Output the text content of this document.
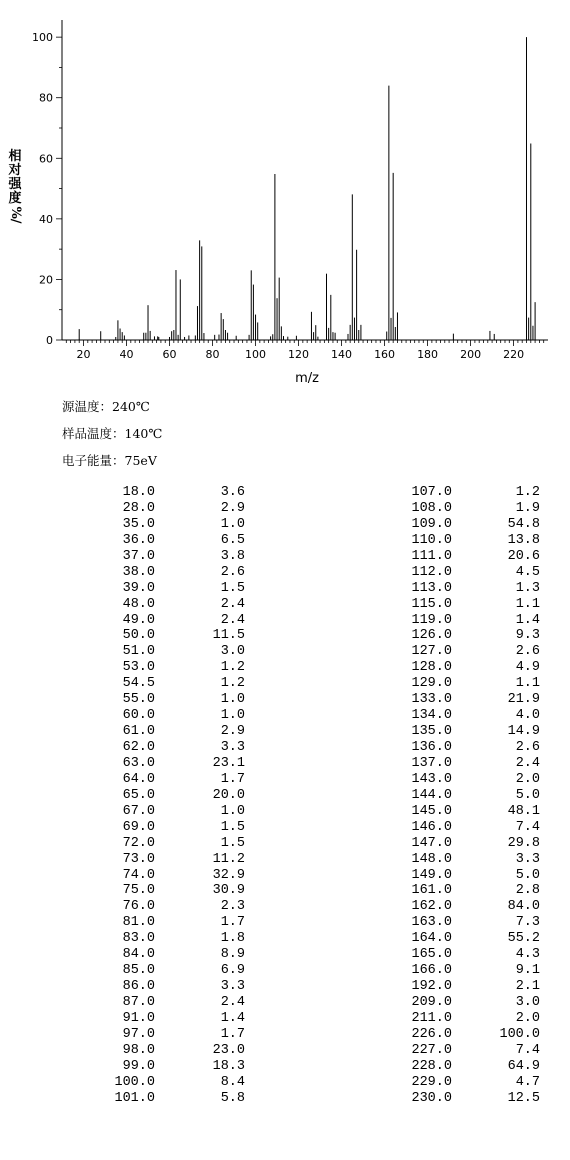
20	40	60	80 100 120 140 160 180 200 220
0
20
40
60
80
100
m/z
相
对
强
度
%/
源温度：240℃
样品温度：140℃
电子能量：75eV
18.0	3.6
28.0	2.9
35.0	1.0
36.0	6.5
37.0	3.8
38.0	2.6
39.0	1.5
48.0	2.4
49.0	2.4
50.0	11.5
51.0	3.0
53.0	1.2
54.5	1.2
55.0	1.0
60.0	1.0
61.0	2.9
62.0	3.3
63.0	23.1
64.0	1.7
65.0	20.0
67.0	1.0
69.0	1.5
72.0	1.5
73.0	11.2
74.0	32.9
75.0	30.9
76.0	2.3
81.0	1.7
83.0	1.8
84.0	8.9
85.0	6.9
86.0	3.3
87.0	2.4
91.0	1.4
97.0	1.7
98.0	23.0
99.0	18.3
100.0	8.4
101.0	5.8
107.0	1.2
108.0	1.9
109.0	54.8
110.0	13.8
111.0	20.6
112.0	4.5
113.0	1.3
115.0	1.1
119.0	1.4
126.0	9.3
127.0	2.6
128.0	4.9
129.0	1.1
133.0	21.9
134.0	4.0
135.0	14.9
136.0	2.6
137.0	2.4
143.0	2.0
144.0	5.0
145.0	48.1
146.0	7.4
147.0	29.8
148.0	3.3
149.0	5.0
161.0	2.8
162.0	84.0
163.0	7.3
164.0	55.2
165.0	4.3
166.0	9.1
192.0	2.1
209.0	3.0
211.0	2.0
226.0	100.0
227.0	7.4
228.0	64.9
229.0	4.7
230.0	12.5
